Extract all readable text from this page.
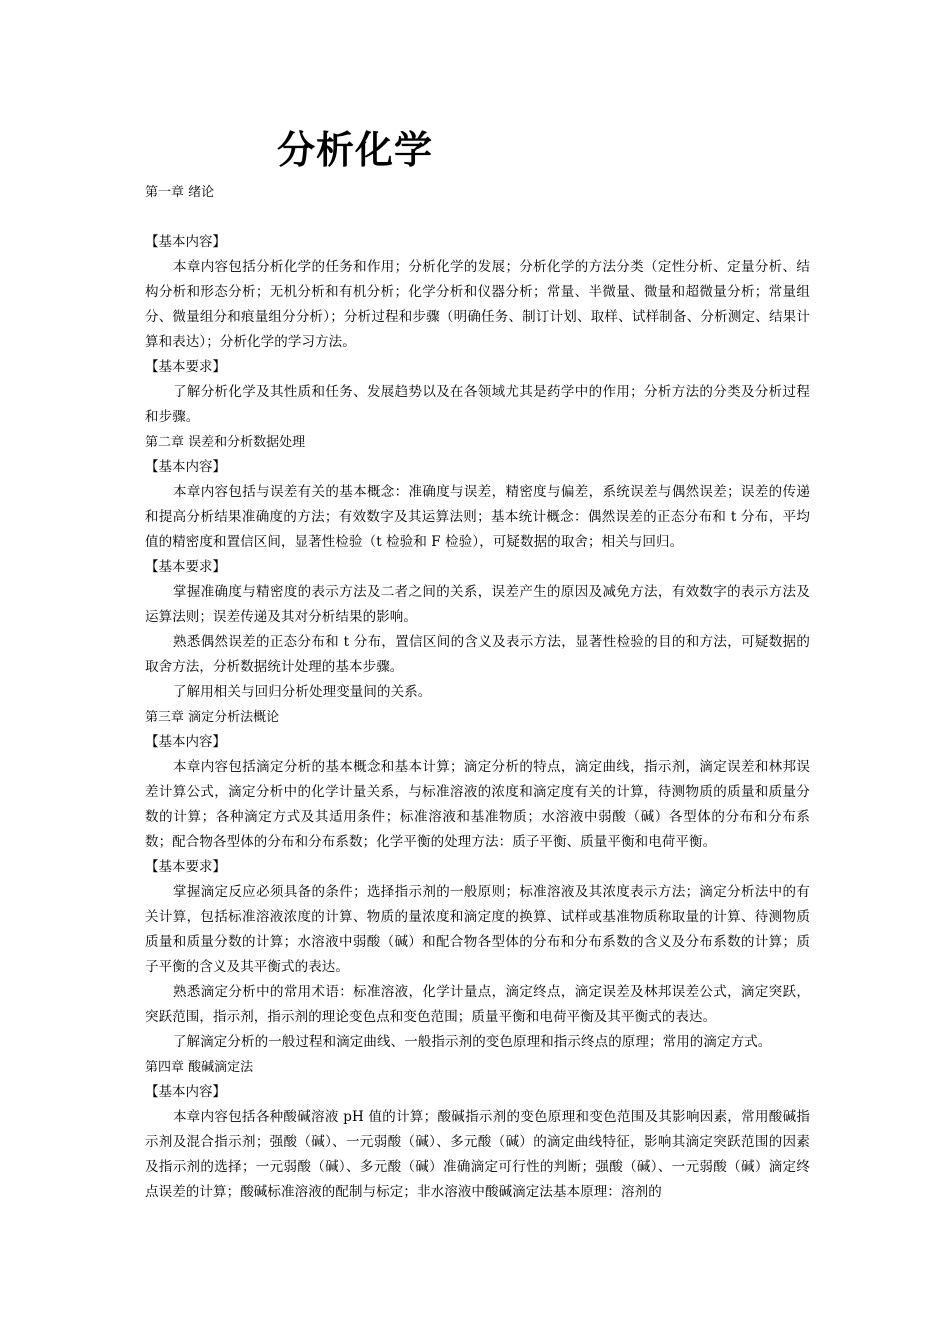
分析化学

第一章 绪论

【基本内容】

本章内容包括分析化学的任务和作用；分析化学的发展；分析化学的方法分类（定性分析、定量分析、结构分析和形态分析；无机分析和有机分析；化学分析和仪器分析；常量、半微量、微量和超微量分析；常量组分、微量组分和痕量组分分析）；分析过程和步骤（明确任务、制订计划、取样、试样制备、分析测定、结果计算和表达）；分析化学的学习方法。

【基本要求】

了解分析化学及其性质和任务、发展趋势以及在各领域尤其是药学中的作用；分析方法的分类及分析过程和步骤。

第二章 误差和分析数据处理

【基本内容】

本章内容包括与误差有关的基本概念：准确度与误差，精密度与偏差，系统误差与偶然误差；误差的传递和提高分析结果准确度的方法；有效数字及其运算法则；基本统计概念：偶然误差的正态分布和 t 分布，平均值的精密度和置信区间，显著性检验（t 检验和 F 检验），可疑数据的取舍；相关与回归。

【基本要求】

掌握准确度与精密度的表示方法及二者之间的关系，误差产生的原因及减免方法，有效数字的表示方法及运算法则；误差传递及其对分析结果的影响。

熟悉偶然误差的正态分布和 t 分布，置信区间的含义及表示方法，显著性检验的目的和方法，可疑数据的取舍方法，分析数据统计处理的基本步骤。

了解用相关与回归分析处理变量间的关系。

第三章 滴定分析法概论

【基本内容】

本章内容包括滴定分析的基本概念和基本计算；滴定分析的特点，滴定曲线，指示剂，滴定误差和林邦误差计算公式，滴定分析中的化学计量关系，与标准溶液的浓度和滴定度有关的计算，待测物质的质量和质量分数的计算；各种滴定方式及其适用条件；标准溶液和基准物质；水溶液中弱酸（碱）各型体的分布和分布系数；配合物各型体的分布和分布系数；化学平衡的处理方法：质子平衡、质量平衡和电荷平衡。

【基本要求】

掌握滴定反应必须具备的条件；选择指示剂的一般原则；标准溶液及其浓度表示方法；滴定分析法中的有关计算，包括标准溶液浓度的计算、物质的量浓度和滴定度的换算、试样或基准物质称取量的计算、待测物质质量和质量分数的计算；水溶液中弱酸（碱）和配合物各型体的分布和分布系数的含义及分布系数的计算；质子平衡的含义及其平衡式的表达。

熟悉滴定分析中的常用术语：标准溶液，化学计量点，滴定终点，滴定误差及林邦误差公式，滴定突跃，突跃范围，指示剂，指示剂的理论变色点和变色范围；质量平衡和电荷平衡及其平衡式的表达。

了解滴定分析的一般过程和滴定曲线、一般指示剂的变色原理和指示终点的原理；常用的滴定方式。

第四章 酸碱滴定法

【基本内容】

本章内容包括各种酸碱溶液 pH 值的计算；酸碱指示剂的变色原理和变色范围及其影响因素，常用酸碱指示剂及混合指示剂；强酸（碱）、一元弱酸（碱）、多元酸（碱）的滴定曲线特征，影响其滴定突跃范围的因素及指示剂的选择；一元弱酸（碱）、多元酸（碱）准确滴定可行性的判断；强酸（碱）、一元弱酸（碱）滴定终点误差的计算；酸碱标准溶液的配制与标定；非水溶液中酸碱滴定法基本原理：溶剂的
